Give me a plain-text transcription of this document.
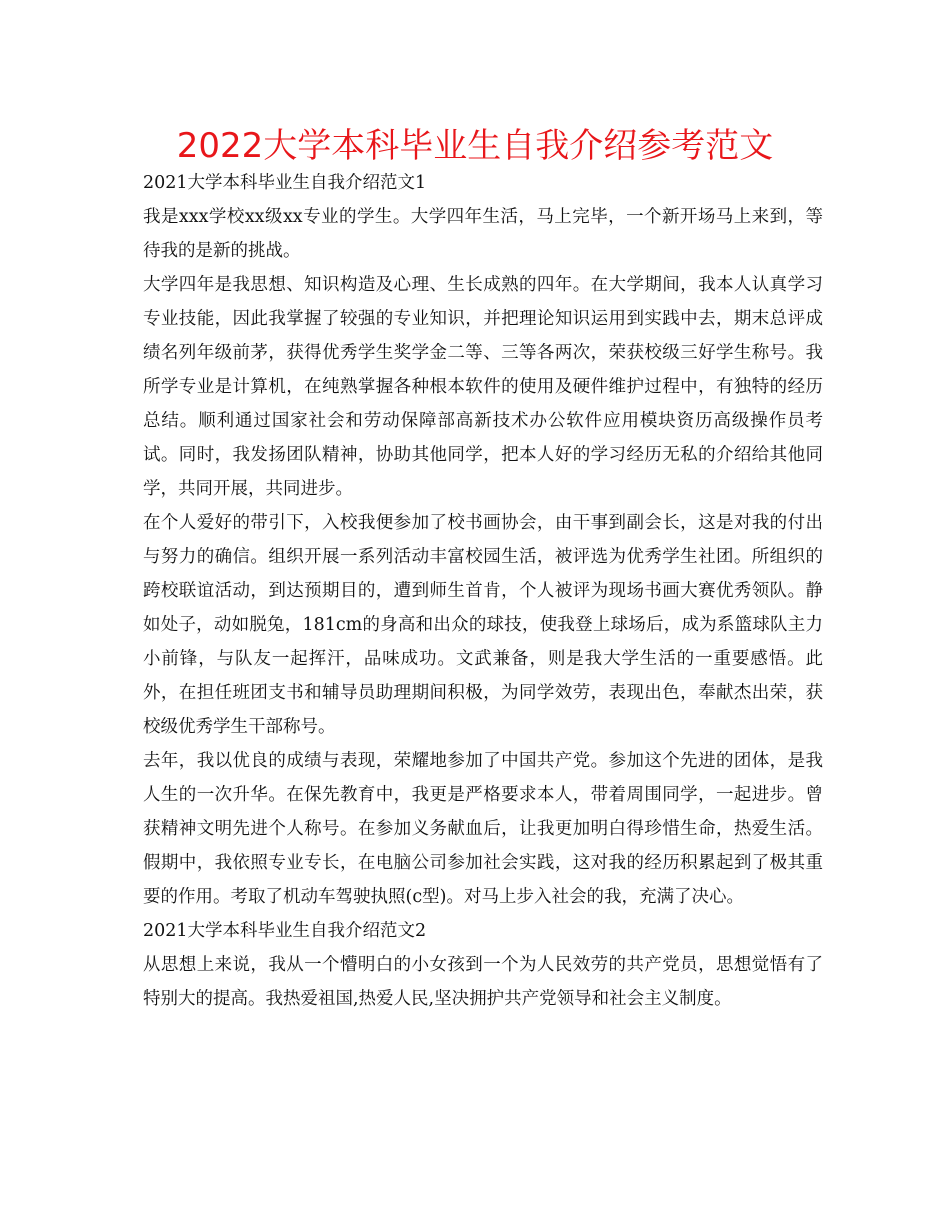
2022大学本科毕业生自我介绍参考范文

2021大学本科毕业生自我介绍范文1

我是xxx学校xx级xx专业的学生。大学四年生活，马上完毕，一个新开场马上来到，等待我的是新的挑战。

大学四年是我思想、知识构造及心理、生长成熟的四年。在大学期间，我本人认真学习专业技能，因此我掌握了较强的专业知识，并把理论知识运用到实践中去，期末总评成绩名列年级前茅，获得优秀学生奖学金二等、三等各两次，荣获校级三好学生称号。我所学专业是计算机，在纯熟掌握各种根本软件的使用及硬件维护过程中，有独特的经历总结。顺利通过国家社会和劳动保障部高新技术办公软件应用模块资历高级操作员考试。同时，我发扬团队精神，协助其他同学，把本人好的学习经历无私的介绍给其他同学，共同开展，共同进步。

在个人爱好的带引下，入校我便参加了校书画协会，由干事到副会长，这是对我的付出与努力的确信。组织开展一系列活动丰富校园生活，被评选为优秀学生社团。所组织的跨校联谊活动，到达预期目的，遭到师生首肯，个人被评为现场书画大赛优秀领队。静如处子，动如脱兔，181cm的身高和出众的球技，使我登上球场后，成为系篮球队主力小前锋，与队友一起挥汗，品味成功。文武兼备，则是我大学生活的一重要感悟。此外，在担任班团支书和辅导员助理期间积极，为同学效劳，表现出色，奉献杰出荣，获校级优秀学生干部称号。

去年，我以优良的成绩与表现，荣耀地参加了中国共产党。参加这个先进的团体，是我人生的一次升华。在保先教育中，我更是严格要求本人，带着周围同学，一起进步。曾获精神文明先进个人称号。在参加义务献血后，让我更加明白得珍惜生命，热爱生活。假期中，我依照专业专长，在电脑公司参加社会实践，这对我的经历积累起到了极其重要的作用。考取了机动车驾驶执照(c型)。对马上步入社会的我，充满了决心。

2021大学本科毕业生自我介绍范文2

从思想上来说，我从一个懵明白的小女孩到一个为人民效劳的共产党员，思想觉悟有了特别大的提高。我热爱祖国,热爱人民,坚决拥护共产党领导和社会主义制度。
